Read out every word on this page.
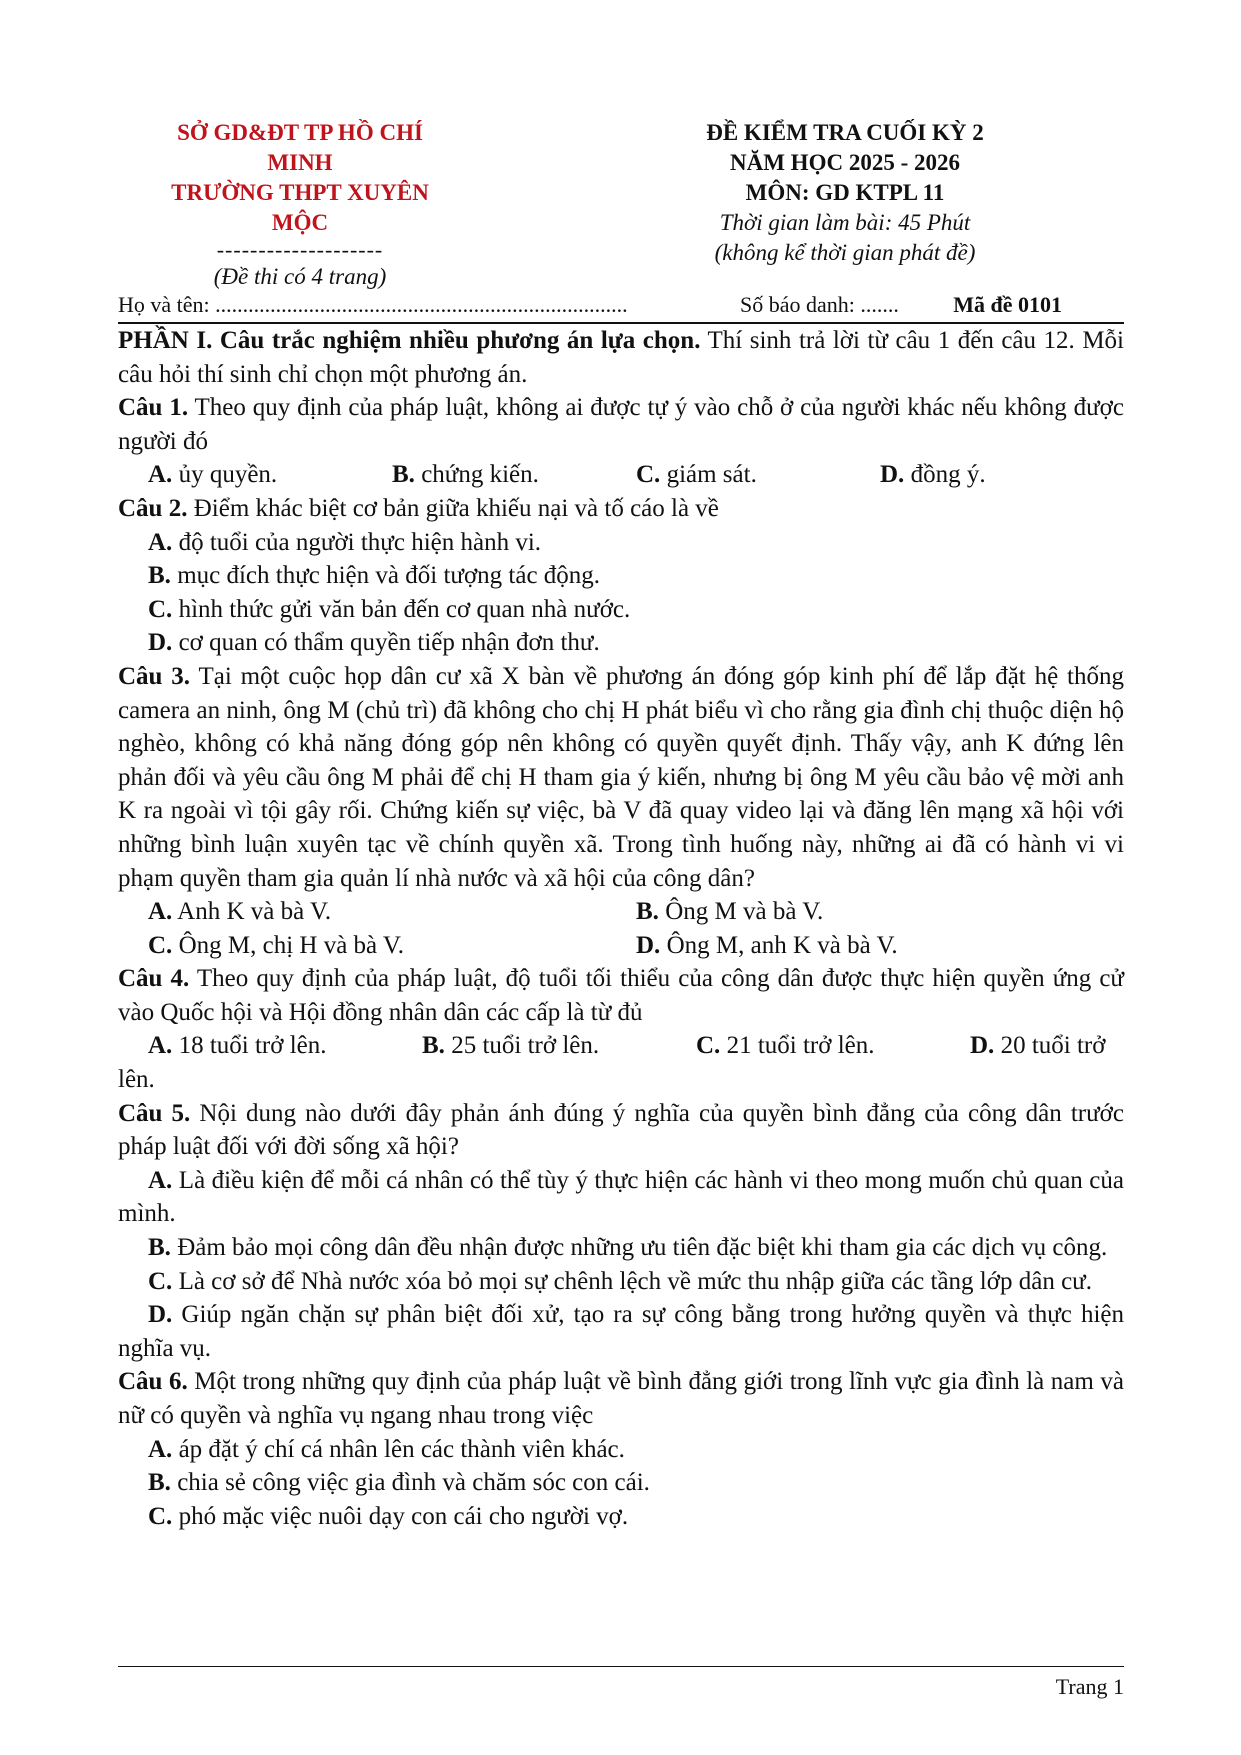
SỞ GD&ĐT TP HỒ CHÍ MINH
TRƯỜNG THPT XUYÊN MỘC
--------------------
(Đề thi có 4 trang)
ĐỀ KIỂM TRA CUỐI KỲ 2
NĂM HỌC 2025 - 2026
MÔN: GD KTPL 11
Thời gian làm bài: 45 Phút
(không kể thời gian phát đề)
Họ và tên: ...........................................................................	Số báo danh: ....... Mã đề 0101

PHẦN I. Câu trắc nghiệm nhiều phương án lựa chọn. Thí sinh trả lời từ câu 1 đến câu 12. Mỗi câu hỏi thí sinh chỉ chọn một phương án.

Câu 1. Theo quy định của pháp luật, không ai được tự ý vào chỗ ở của người khác nếu không được người đó

A. ủy quyền.	B. chứng kiến.	C. giám sát.	D. đồng ý.

Câu 2. Điểm khác biệt cơ bản giữa khiếu nại và tố cáo là về

A. độ tuổi của người thực hiện hành vi.

B. mục đích thực hiện và đối tượng tác động.

C. hình thức gửi văn bản đến cơ quan nhà nước.

D. cơ quan có thẩm quyền tiếp nhận đơn thư.

Câu 3. Tại một cuộc họp dân cư xã X bàn về phương án đóng góp kinh phí để lắp đặt hệ thống camera an ninh, ông M (chủ trì) đã không cho chị H phát biểu vì cho rằng gia đình chị thuộc diện hộ nghèo, không có khả năng đóng góp nên không có quyền quyết định. Thấy vậy, anh K đứng lên phản đối và yêu cầu ông M phải để chị H tham gia ý kiến, nhưng bị ông M yêu cầu bảo vệ mời anh K ra ngoài vì tội gây rối. Chứng kiến sự việc, bà V đã quay video lại và đăng lên mạng xã hội với những bình luận xuyên tạc về chính quyền xã. Trong tình huống này, những ai đã có hành vi vi phạm quyền tham gia quản lí nhà nước và xã hội của công dân?

A. Anh K và bà V.	B. Ông M và bà V.
C. Ông M, chị H và bà V.	D. Ông M, anh K và bà V.

Câu 4. Theo quy định của pháp luật, độ tuổi tối thiểu của công dân được thực hiện quyền ứng cử vào Quốc hội và Hội đồng nhân dân các cấp là từ đủ

A. 18 tuổi trở lên.	B. 25 tuổi trở lên.	C. 21 tuổi trở lên.	D. 20 tuổi trở

lên.

Câu 5. Nội dung nào dưới đây phản ánh đúng ý nghĩa của quyền bình đẳng của công dân trước pháp luật đối với đời sống xã hội?

A. Là điều kiện để mỗi cá nhân có thể tùy ý thực hiện các hành vi theo mong muốn chủ quan của mình.

B. Đảm bảo mọi công dân đều nhận được những ưu tiên đặc biệt khi tham gia các dịch vụ công.

C. Là cơ sở để Nhà nước xóa bỏ mọi sự chênh lệch về mức thu nhập giữa các tầng lớp dân cư.

D. Giúp ngăn chặn sự phân biệt đối xử, tạo ra sự công bằng trong hưởng quyền và thực hiện nghĩa vụ.

Câu 6. Một trong những quy định của pháp luật về bình đẳng giới trong lĩnh vực gia đình là nam và nữ có quyền và nghĩa vụ ngang nhau trong việc

A. áp đặt ý chí cá nhân lên các thành viên khác.

B. chia sẻ công việc gia đình và chăm sóc con cái.

C. phó mặc việc nuôi dạy con cái cho người vợ.

Trang 1
